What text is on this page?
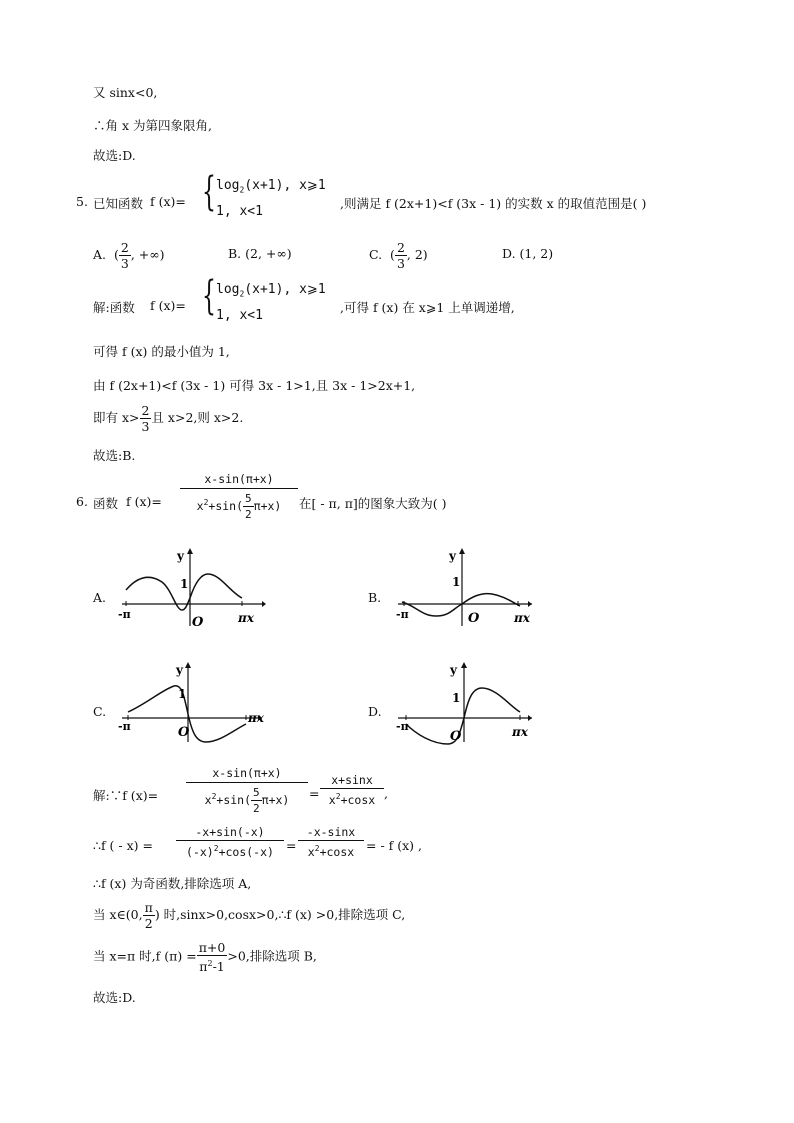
又 sinx<0,
∴角 x 为第四象限角,
故选:D.
5. 已知函数 f (x)= { $\log_2(x+1)$, x⩾1
1, x<1
,则满足 f (2x+1)<f (3x - 1) 的实数 x 的取值范围是( )
A. ( $\frac{2}{3}$ , +∞)	B. (2, +∞)	C. ( $\frac{2}{3}$ , 2)	D. (1, 2)
解:函数 f (x)= { $\log_2(x+1)$, x⩾1
1, x<1
,可得 f (x) 在 x⩾1 上单调递增,
可得 f (x) 的最小值为 1,
由 f (2x+1)<f (3x - 1) 可得 3x - 1>1,且 3x - 1>2x+1,
即有 $x> \frac{2}{3}$ 且 x>2,则 x>2.
故选:B.
6. 函数 f $(x)= \frac{x-\sin(\pi+x)}{x^2+\sin( \frac{5}{2} \pi+x)}$ 在[ - π, π]的图象大致为( )
A.
y
1
O
-π	πx
B.
y
1
O
-π	πx
C.
y
1
O
-π
πx	D.
y
1
O
-π	πx
解:∵f (x)=
x-sin(π+x)
$x^2+\sin( \frac{5}{2} \pi+x)$	=
x+sinx
$x^2+\cos x$ ,
∴f ( - x) =
-x+sin(-x)
$(-x)^2+\cos(-x)$ =
-x-sinx
$x^2+\cos x$ = - f (x) ,
∴f (x) 为奇函数,排除选项 A,
当 x∈(0, $\frac{\pi}{2}$ ) 时,sinx>0,cosx>0,∴f (x) >0,排除选项 C,
当 x=π 时,f $(\pi) = \frac{\pi+0}{\pi^2-1} >0$,排除选项 B,
故选:D.
